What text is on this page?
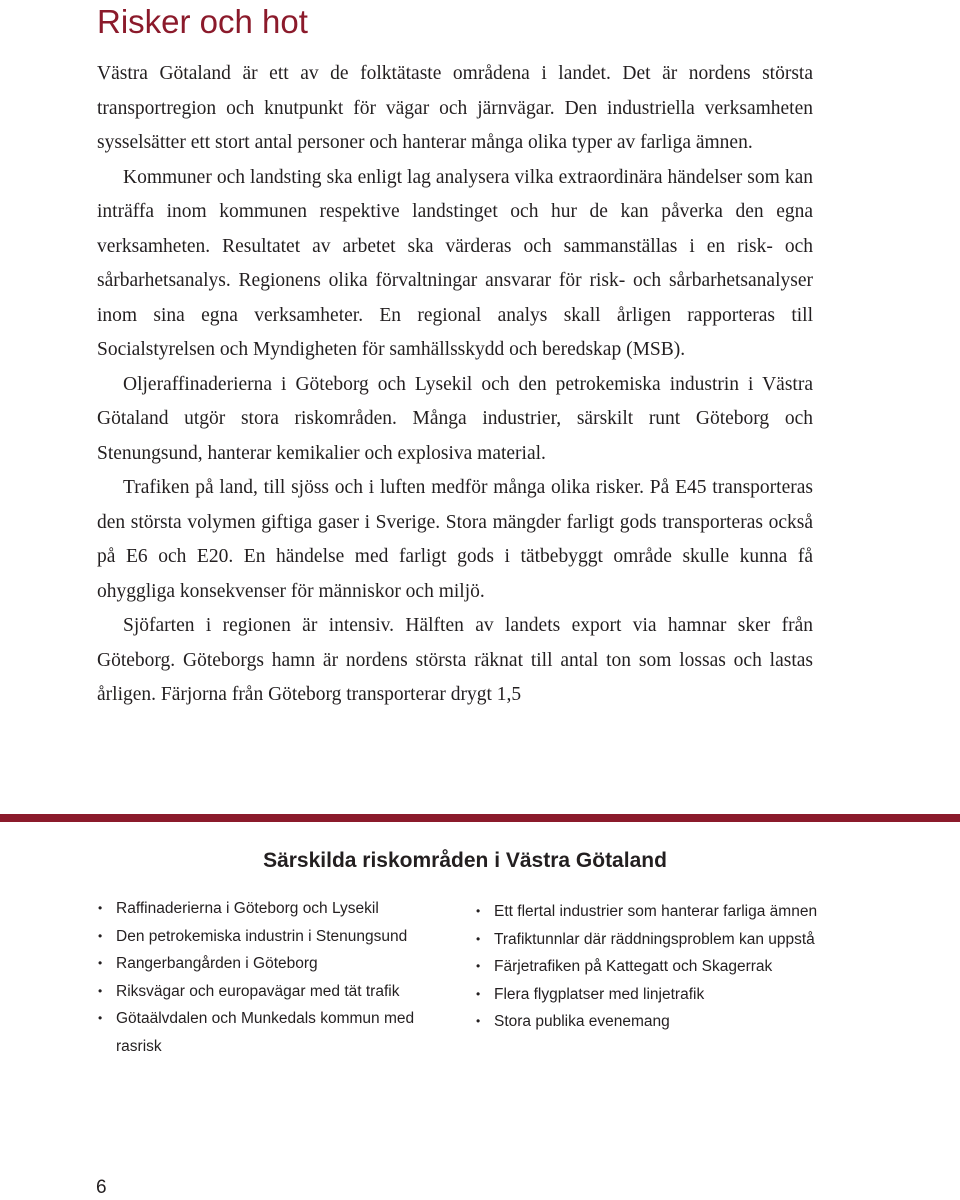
Risker och hot

Västra Götaland är ett av de folktätaste områdena i landet. Det är nordens största transportregion och knutpunkt för vägar och järnvägar. Den industriella verksamheten sysselsätter ett stort antal personer och hanterar många olika typer av farliga ämnen.

Kommuner och landsting ska enligt lag analysera vilka extraordinära händelser som kan inträffa inom kommunen respektive landstinget och hur de kan påverka den egna verksamheten. Resultatet av arbetet ska värderas och sammanställas i en risk- och sårbarhetsanalys. Regionens olika förvaltningar ansvarar för risk- och sårbarhetsanalyser inom sina egna verksamheter. En regional analys skall årligen rapporteras till Socialstyrelsen och Myndigheten för samhällsskydd och beredskap (MSB).

Oljeraffinaderierna i Göteborg och Lysekil och den petrokemiska industrin i Västra Götaland utgör stora riskområden. Många industrier, särskilt runt Göteborg och Stenungsund, hanterar kemikalier och explosiva material.

Trafiken på land, till sjöss och i luften medför många olika risker. På E45 transporteras den största volymen giftiga gaser i Sverige. Stora mängder farligt gods transporteras också på E6 och E20. En händelse med farligt gods i tätbebyggt område skulle kunna få ohyggliga konsekvenser för människor och miljö.

Sjöfarten i regionen är intensiv. Hälften av landets export via hamnar sker från Göteborg. Göteborgs hamn är nordens största räknat till antal ton som lossas och lastas årligen. Färjorna från Göteborg transporterar drygt 1,5

Särskilda riskområden i Västra Götaland
• Raffinaderierna i Göteborg och Lysekil
• Den petrokemiska industrin i Stenungsund
• Rangerbangården i Göteborg
• Riksvägar och europavägar med tät trafik
• Götaälvdalen och Munkedals kommun med rasrisk
• Ett flertal industrier som hanterar farliga ämnen
• Trafiktunnlar där räddningsproblem kan uppstå
• Färjetrafiken på Kattegatt och Skagerrak
• Flera flygplatser med linjetrafik
• Stora publika evenemang
6
